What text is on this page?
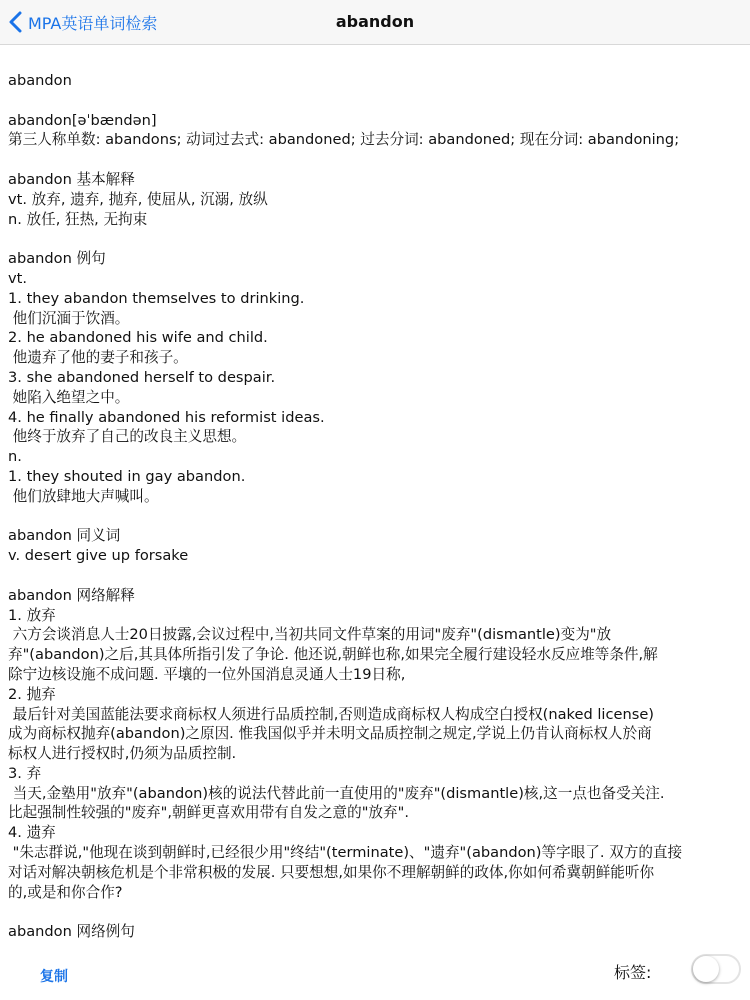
MPA英语单词检索	abandon
abandon

abandon[əˈbændən]
第三人称单数: abandons; 动词过去式: abandoned; 过去分词: abandoned; 现在分词: abandoning;

abandon 基本解释
vt. 放弃, 遗弃, 抛弃, 使屈从, 沉溺, 放纵
n. 放任, 狂热, 无拘束

abandon 例句
vt.
1. they abandon themselves to drinking.
他们沉湎于饮酒。
2. he abandoned his wife and child.
他遗弃了他的妻子和孩子。
3. she abandoned herself to despair.
她陷入绝望之中。
4. he finally abandoned his reformist ideas.
他终于放弃了自己的改良主义思想。
n.
1. they shouted in gay abandon.
他们放肆地大声喊叫。

abandon 同义词
v. desert give up forsake

abandon 网络解释
1. 放弃
六方会谈消息人士20日披露,会议过程中,当初共同文件草案的用词"废弃"(dismantle)变为"放
弃"(abandon)之后,其具体所指引发了争论. 他还说,朝鲜也称,如果完全履行建设轻水反应堆等条件,解
除宁边核设施不成问题. 平壤的一位外国消息灵通人士19日称,
2. 抛弃
最后针对美国蓝能法要求商标权人须进行品质控制,否则造成商标权人构成空白授权(naked license)
成为商标权抛弃(abandon)之原因. 惟我国似乎并未明文品质控制之规定,学说上仍肯认商标权人於商
标权人进行授权时,仍须为品质控制.
3. 弃
当天,金塾用"放弃"(abandon)核的说法代替此前一直使用的"废弃"(dismantle)核,这一点也备受关注.
比起强制性较强的"废弃",朝鲜更喜欢用带有自发之意的"放弃".
4. 遗弃
"朱志群说,"他现在谈到朝鲜时,已经很少用"终结"(terminate)、"遗弃"(abandon)等字眼了. 双方的直接
对话对解决朝核危机是个非常积极的发展. 只要想想,如果你不理解朝鲜的政体,你如何希冀朝鲜能听你
的,或是和你合作?

abandon 网络例句
复制	标签:
